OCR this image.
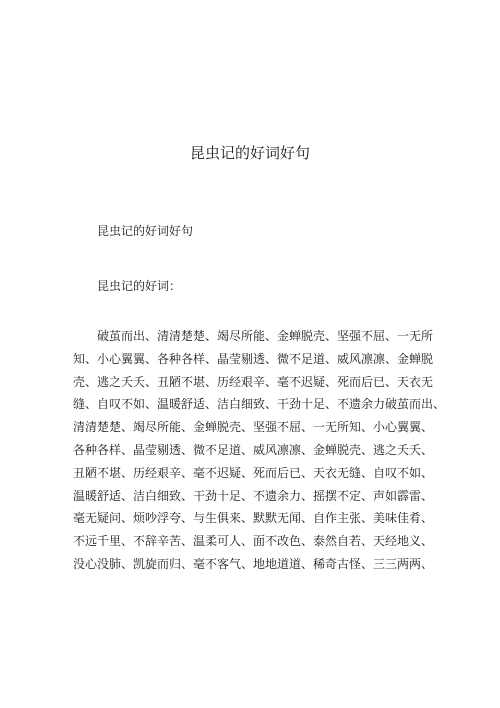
昆虫记的好词好句
昆虫记的好词好句
昆虫记的好词：
　　破茧而出、清清楚楚、竭尽所能、金蝉脱壳、坚强不屈、一无所
知、小心翼翼、各种各样、晶莹剔透、微不足道、威风凛凛、金蝉脱
壳、逃之夭夭、丑陋不堪、历经艰辛、毫不迟疑、死而后已、天衣无
缝、自叹不如、温暖舒适、洁白细致、干劲十足、不遗余力破茧而出、
清清楚楚、竭尽所能、金蝉脱壳、坚强不屈、一无所知、小心翼翼、
各种各样、晶莹剔透、微不足道、威风凛凛、金蝉脱壳、逃之夭夭、
丑陋不堪、历经艰辛、毫不迟疑、死而后已、天衣无缝、自叹不如、
温暖舒适、洁白细致、干劲十足、不遗余力、摇摆不定、声如霹雷、
毫无疑问、烦吵浮夸、与生俱来、默默无闻、自作主张、美味佳肴、
不远千里、不辞辛苦、温柔可人、面不改色、泰然自若、天经地义、
没心没肺、凯旋而归、毫不客气、地地道道、稀奇古怪、三三两两、
